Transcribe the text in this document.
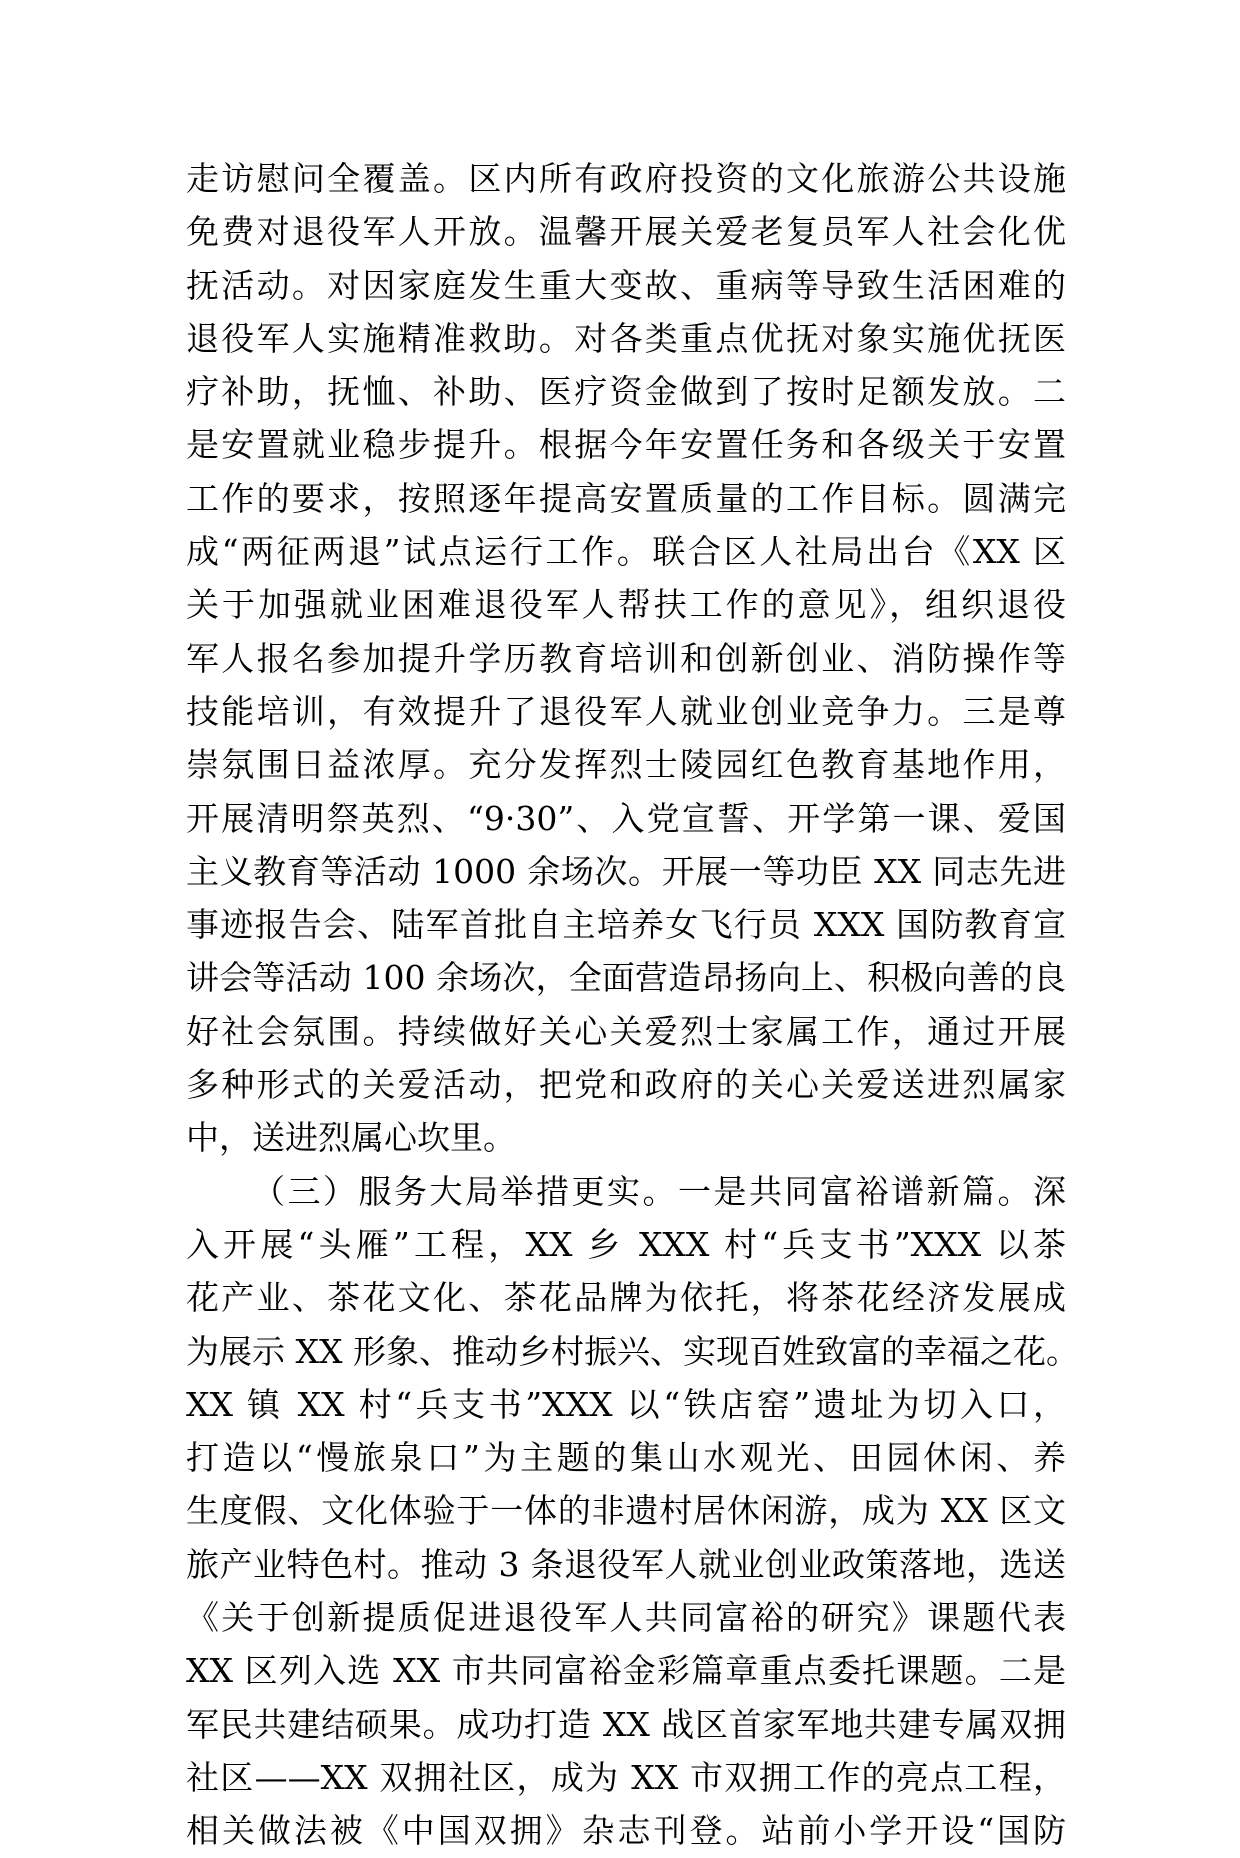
走访慰问全覆盖。区内所有政府投资的文化旅游公共设施
免费对退役军人开放。温馨开展关爱老复员军人社会化优
抚活动。对因家庭发生重大变故、重病等导致生活困难的
退役军人实施精准救助。对各类重点优抚对象实施优抚医
疗补助，抚恤、补助、医疗资金做到了按时足额发放。二
是安置就业稳步提升。根据今年安置任务和各级关于安置
工作的要求，按照逐年提高安置质量的工作目标。圆满完
成“两征两退”试点运行工作。联合区人社局出台《XX 区
关于加强就业困难退役军人帮扶工作的意见》，组织退役
军人报名参加提升学历教育培训和创新创业、消防操作等
技能培训，有效提升了退役军人就业创业竞争力。三是尊
崇氛围日益浓厚。充分发挥烈士陵园红色教育基地作用，
开展清明祭英烈、“9·30”、入党宣誓、开学第一课、爱国
主义教育等活动 1000 余场次。开展一等功臣 XX 同志先进
事迹报告会、陆军首批自主培养女飞行员 XXX 国防教育宣
讲会等活动 100 余场次，全面营造昂扬向上、积极向善的良
好社会氛围。持续做好关心关爱烈士家属工作，通过开展
多种形式的关爱活动，把党和政府的关心关爱送进烈属家
中，送进烈属心坎里。
（三）服务大局举措更实。一是共同富裕谱新篇。深
入开展“头雁”工程，XX 乡 XXX 村“兵支书”XXX 以茶
花产业、茶花文化、茶花品牌为依托，将茶花经济发展成
为展示 XX 形象、推动乡村振兴、实现百姓致富的幸福之花。
XX 镇 XX 村“兵支书”XXX 以“铁店窑”遗址为切入口，
打造以“慢旅泉口”为主题的集山水观光、田园休闲、养
生度假、文化体验于一体的非遗村居休闲游，成为 XX 区文
旅产业特色村。推动 3 条退役军人就业创业政策落地，选送
《关于创新提质促进退役军人共同富裕的研究》课题代表
XX 区列入选 XX 市共同富裕金彩篇章重点委托课题。二是
军民共建结硕果。成功打造 XX 战区首家军地共建专属双拥
社区——XX 双拥社区，成为 XX 市双拥工作的亮点工程，
相关做法被《中国双拥》杂志刊登。站前小学开设“国防
